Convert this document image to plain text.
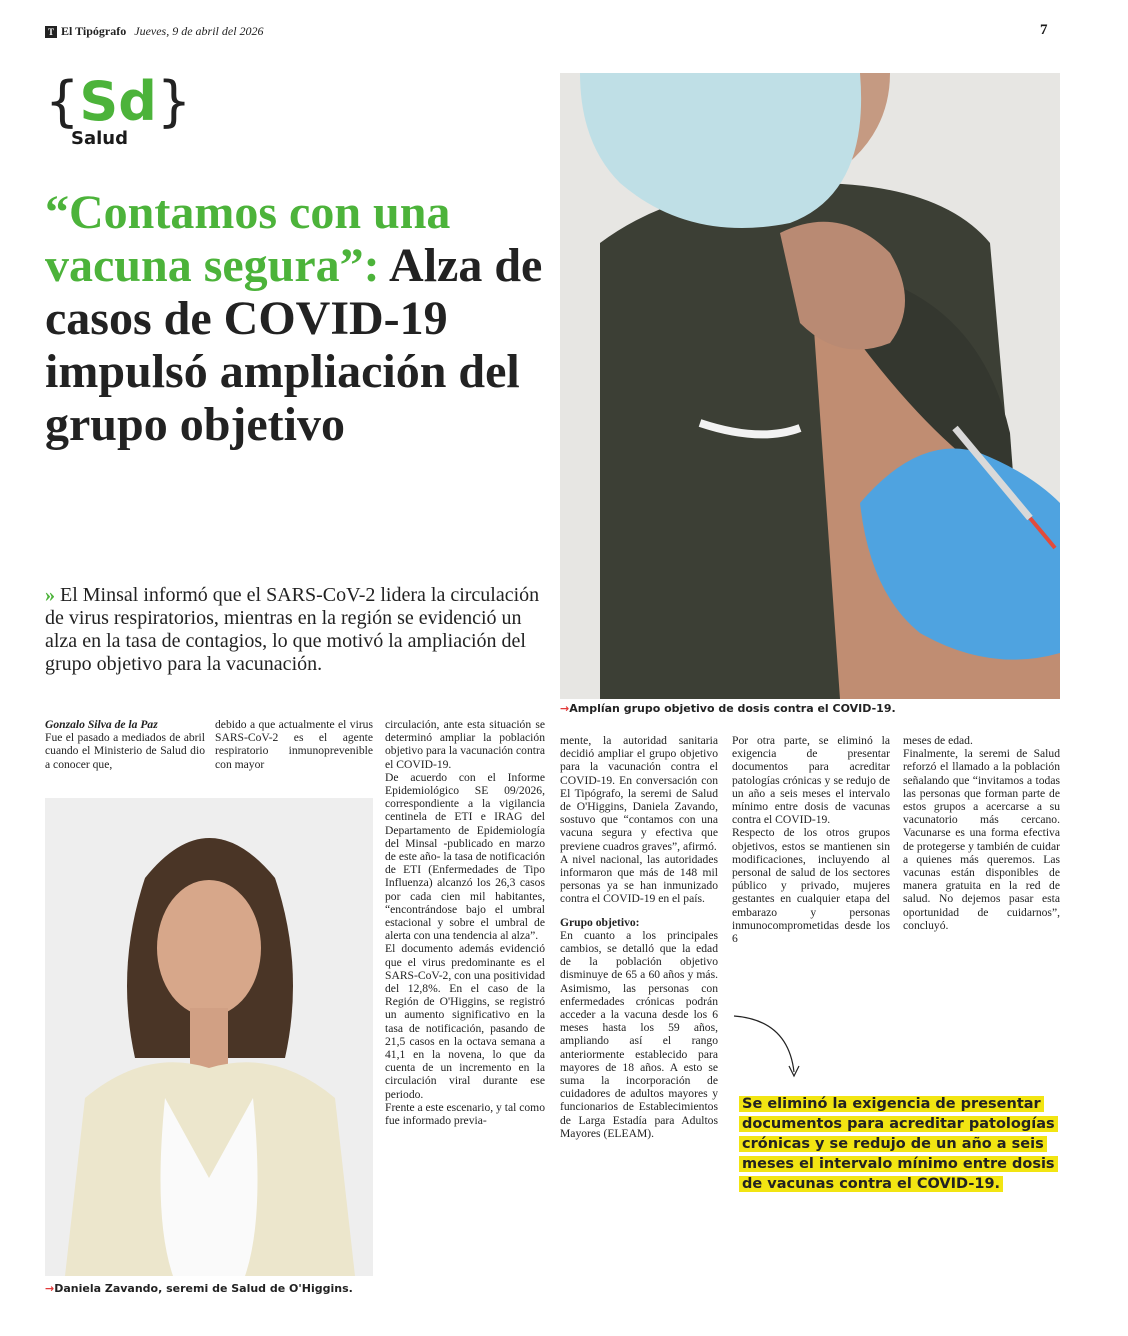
T El Tipógrafo Jueves, 9 de abril del 2026	7
{Sd}
Salud
“Contamos con una vacuna segura”: Alza de casos de COVID-19 impulsó ampliación del grupo objetivo
» El Minsal informó que el SARS-CoV-2 lidera la circulación de virus respiratorios, mientras en la región se evidenció un alza en la tasa de contagios, lo que motivó la ampliación del grupo objetivo para la vacunación.
→Amplían grupo objetivo de dosis contra el COVID-19.
→Daniela Zavando, seremi de Salud de O'Higgins.

Gonzalo Silva de la Paz

Fue el pasado a mediados de abril cuando el Ministerio de Salud dio a conocer que,

debido a que actualmente el virus SARS-CoV-2 es el agente respiratorio inmunoprevenible con mayor

circulación, ante esta situación se determinó ampliar la población objetivo para la vacunación contra el COVID-19.

De acuerdo con el Informe Epidemiológico SE 09/2026, correspondiente a la vigilancia centinela de ETI e IRAG del Departamento de Epidemiología del Minsal -publicado en marzo de este año- la tasa de notificación de ETI (Enfermedades de Tipo Influenza) alcanzó los 26,3 casos por cada cien mil habitantes, “encontrándose bajo el umbral estacional y sobre el umbral de alerta con una tendencia al alza”.

El documento además evidenció que el virus predominante es el SARS-CoV-2, con una positividad del 12,8%. En el caso de la Región de O'Higgins, se registró un aumento significativo en la tasa de notificación, pasando de 21,5 casos en la octava semana a 41,1 en la novena, lo que da cuenta de un incremento en la circulación viral durante ese periodo.

Frente a este escenario, y tal como fue informado previa-

mente, la autoridad sanitaria decidió ampliar el grupo objetivo para la vacunación contra el COVID-19. En conversación con El Tipógrafo, la seremi de Salud de O'Higgins, Daniela Zavando, sostuvo que “contamos con una vacuna segura y efectiva que previene cuadros graves”, afirmó.

A nivel nacional, las autoridades informaron que más de 148 mil personas ya se han inmunizado contra el COVID-19 en el país.

Grupo objetivo:

En cuanto a los principales cambios, se detalló que la edad de la población objetivo disminuye de 65 a 60 años y más. Asimismo, las personas con enfermedades crónicas podrán acceder a la vacuna desde los 6 meses hasta los 59 años, ampliando así el rango anteriormente establecido para mayores de 18 años. A esto se suma la incorporación de cuidadores de adultos mayores y funcionarios de Establecimientos de Larga Estadía para Adultos Mayores (ELEAM).

Por otra parte, se eliminó la exigencia de presentar documentos para acreditar patologías crónicas y se redujo de un año a seis meses el intervalo mínimo entre dosis de vacunas contra el COVID-19.

Respecto de los otros grupos objetivos, estos se mantienen sin modificaciones, incluyendo al personal de salud de los sectores público y privado, mujeres gestantes en cualquier etapa del embarazo y personas inmunocomprometidas desde los 6

meses de edad.

Finalmente, la seremi de Salud reforzó el llamado a la población señalando que “invitamos a todas las personas que forman parte de estos grupos a acercarse a su vacunatorio más cercano. Vacunarse es una forma efectiva de protegerse y también de cuidar a quienes más queremos. Las vacunas están disponibles de manera gratuita en la red de salud. No dejemos pasar esta oportunidad de cuidarnos”, concluyó.

Se eliminó la exigencia de presentar documentos para acreditar patologías crónicas y se redujo de un año a seis meses el intervalo mínimo entre dosis de vacunas contra el COVID-19.
